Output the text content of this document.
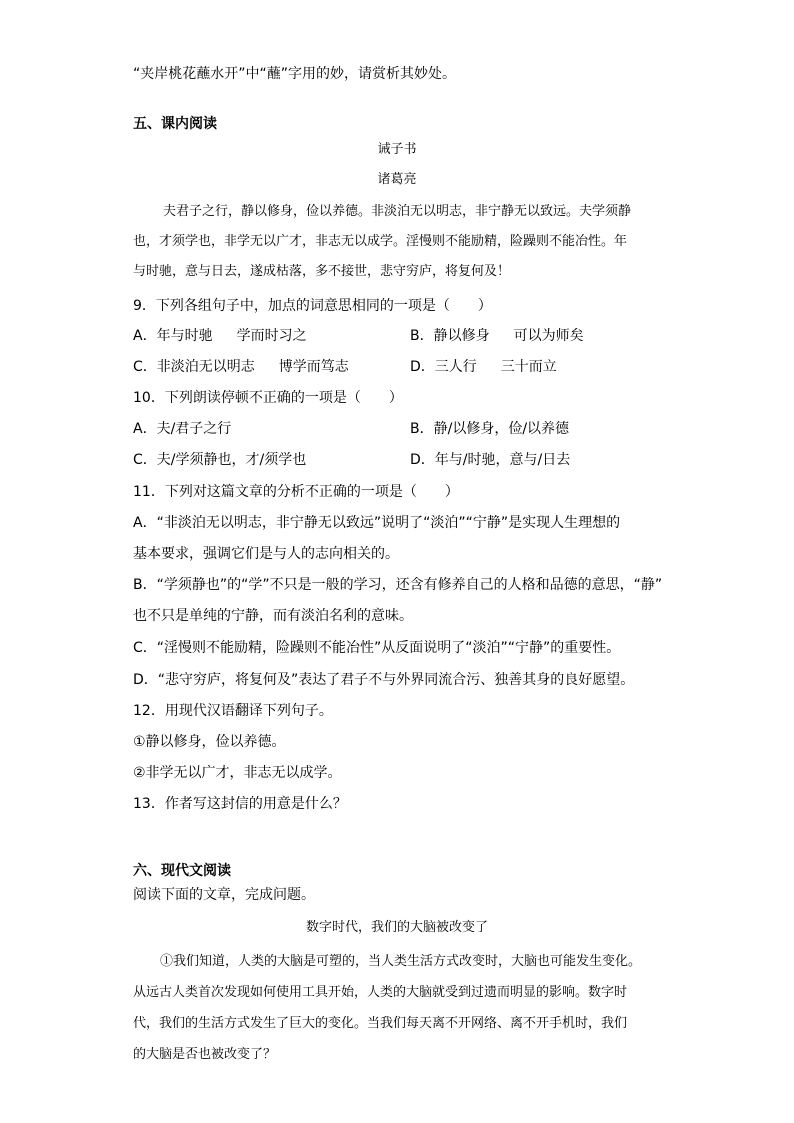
“夹岸桃花蘸水开”中“蘸”字用的妙，请赏析其妙处。
五、课内阅读
诫子书
诸葛亮
夫君子之行，静以修身，俭以养德。非淡泊无以明志，非宁静无以致远。夫学须静
也，才须学也，非学无以广才，非志无以成学。淫慢则不能励精，险躁则不能冶性。年
与时驰，意与日去，遂成枯落，多不接世，悲守穷庐，将复何及！
9．下列各组句子中，加点的词意思相同的一项是（　　）
A．年与时驰 学而时习之	B．静以修身 可以为师矣
C．非淡泊无以明志 博学而笃志	D．三人行 三十而立
10．下列朗读停顿不正确的一项是（　　）
A．夫/君子之行	B．静/以修身，俭/以养德
C．夫/学须静也，才/须学也	D．年与/时驰，意与/日去
11．下列对这篇文章的分析不正确的一项是（　　）
A．“非淡泊无以明志，非宁静无以致远”说明了“淡泊”“宁静”是实现人生理想的
基本要求，强调它们是与人的志向相关的。
B．“学须静也”的“学”不只是一般的学习，还含有修养自己的人格和品德的意思，“静”
也不只是单纯的宁静，而有淡泊名利的意味。
C．“淫慢则不能励精，险躁则不能冶性”从反面说明了“淡泊”“宁静”的重要性。
D．“悲守穷庐，将复何及”表达了君子不与外界同流合污、独善其身的良好愿望。
12．用现代汉语翻译下列句子。
①静以修身，俭以养德。
②非学无以广才，非志无以成学。
13．作者写这封信的用意是什么？
六、现代文阅读
阅读下面的文章，完成问题。
数字时代，我们的大脑被改变了
①我们知道，人类的大脑是可塑的，当人类生活方式改变时，大脑也可能发生变化。
从远古人类首次发现如何使用工具开始，人类的大脑就受到过遗而明显的影响。数字时
代，我们的生活方式发生了巨大的变化。当我们每天离不开网络、离不开手机时，我们
的大脑是否也被改变了？
